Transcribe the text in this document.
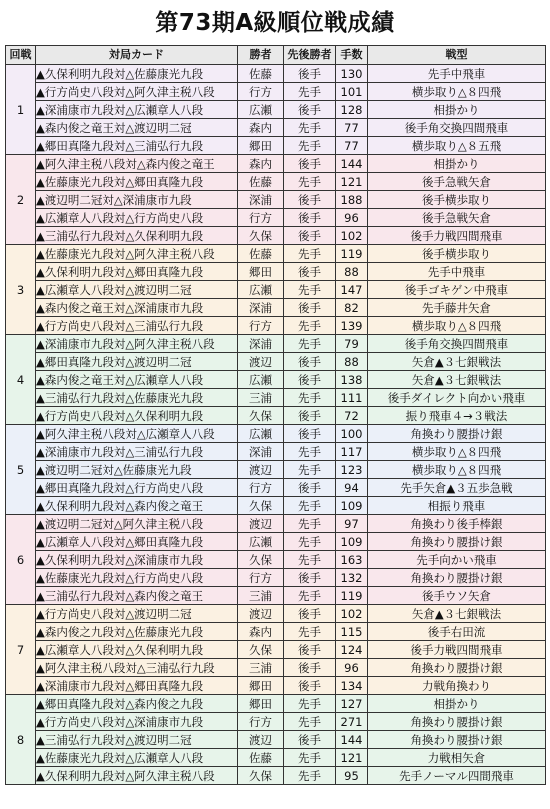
第73期A級順位戦成績
回戦	対局カード	勝者	先後勝者	手数	戦型
1	▲久保利明九段対△佐藤康光九段	佐藤	後手	130	先手中飛車
	▲行方尚史八段対△阿久津主税八段	行方	先手	101	横歩取り△８四飛
	▲深浦康市九段対△広瀬章人八段	広瀬	後手	128	相掛かり
	▲森内俊之竜王対△渡辺明二冠	森内	先手	77	後手角交換四間飛車
	▲郷田真隆九段対△三浦弘行九段	郷田	先手	77	横歩取り△８五飛
2	▲阿久津主税八段対△森内俊之竜王	森内	後手	144	相掛かり
	▲佐藤康光九段対△郷田真隆九段	佐藤	先手	121	後手急戦矢倉
	▲渡辺明二冠対△深浦康市九段	深浦	後手	188	後手横歩取り
	▲広瀬章人八段対△行方尚史八段	行方	後手	96	後手急戦矢倉
	▲三浦弘行九段対△久保利明九段	久保	後手	102	後手力戦四間飛車
3	▲佐藤康光九段対△阿久津主税八段	佐藤	先手	119	後手横歩取り
	▲久保利明九段対△郷田真隆九段	郷田	後手	88	先手中飛車
	▲広瀬章人八段対△渡辺明二冠	広瀬	先手	147	後手ゴキゲン中飛車
	▲森内俊之竜王対△深浦康市九段	深浦	後手	82	先手藤井矢倉
	▲行方尚史八段対△三浦弘行九段	行方	先手	139	横歩取り△８四飛
4	▲深浦康市九段対△阿久津主税八段	深浦	先手	79	後手角交換四間飛車
	▲郷田真隆九段対△渡辺明二冠	渡辺	後手	88	矢倉▲３七銀戦法
	▲森内俊之竜王対△広瀬章人八段	広瀬	後手	138	矢倉▲３七銀戦法
	▲三浦弘行九段対△佐藤康光九段	三浦	先手	111	後手ダイレクト向かい飛車
	▲行方尚史八段対△久保利明九段	久保	後手	72	振り飛車４→３戦法
5	▲阿久津主税八段対△広瀬章人八段	広瀬	後手	100	角換わり腰掛け銀
	▲深浦康市九段対△三浦弘行九段	深浦	先手	117	横歩取り△８四飛
	▲渡辺明二冠対△佐藤康光九段	渡辺	先手	123	横歩取り△８四飛
	▲郷田真隆九段対△行方尚史八段	行方	後手	94	先手矢倉▲３五歩急戦
	▲久保利明九段対△森内俊之竜王	久保	先手	109	相振り飛車
6	▲渡辺明二冠対△阿久津主税八段	渡辺	先手	97	角換わり後手棒銀
	▲広瀬章人八段対△郷田真隆九段	広瀬	先手	109	角換わり腰掛け銀
	▲久保利明九段対△深浦康市九段	久保	先手	163	先手向かい飛車
	▲佐藤康光九段対△行方尚史八段	行方	後手	132	角換わり腰掛け銀
	▲三浦弘行九段対△森内俊之竜王	三浦	先手	119	後手ウソ矢倉
7	▲行方尚史八段対△渡辺明二冠	渡辺	後手	102	矢倉▲３七銀戦法
	▲森内俊之九段対△佐藤康光九段	森内	先手	115	後手右田流
	▲広瀬章人八段対△久保利明九段	久保	後手	124	後手力戦四間飛車
	▲阿久津主税八段対△三浦弘行九段	三浦	後手	96	角換わり腰掛け銀
	▲深浦康市九段対△郷田真隆九段	郷田	後手	134	力戦角換わり
8	▲郷田真隆九段対△森内俊之九段	郷田	先手	127	相掛かり
	▲行方尚史八段対△深浦康市九段	行方	先手	271	角換わり腰掛け銀
	▲三浦弘行九段対△渡辺明二冠	渡辺	後手	144	角換わり腰掛け銀
	▲佐藤康光九段対△広瀬章人八段	佐藤	先手	121	力戦相矢倉
	▲久保利明九段対△阿久津主税八段	久保	先手	95	先手ノーマル四間飛車
